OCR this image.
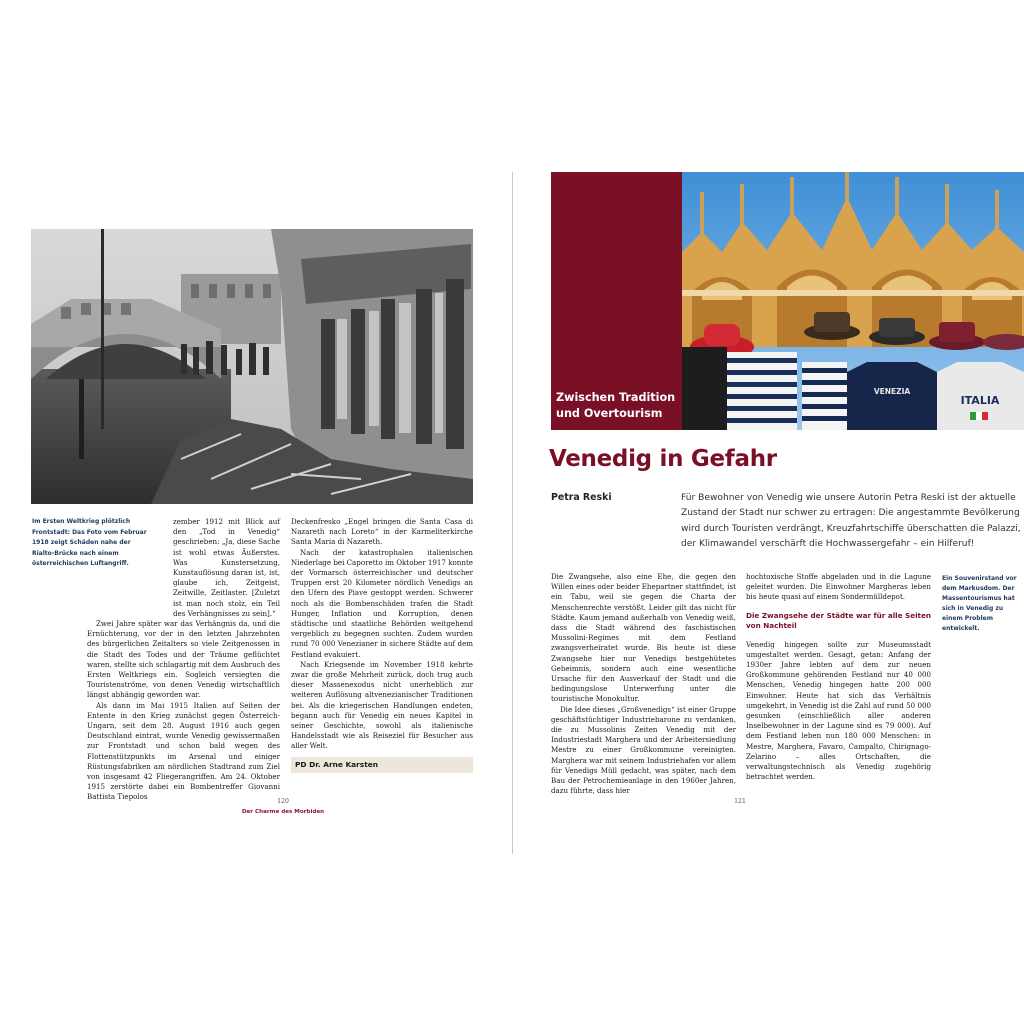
Im Ersten Weltkrieg plötzlich Frontstadt: Das Foto vom Februar 1918 zeigt Schäden nahe der Rialto-Brücke nach einem österreichischen Luftangriff.

zember 1912 mit Blick auf den „Tod in Venedig“ geschrieben: „Ja, diese Sache ist wohl etwas Äußerstes. Was Kunstersetzung, Kunstauflösung daran ist, ist, glaube ich, Zeitgeist, Zeitwille, Zeitlaster. [Zuletzt ist man noch stolz, ein Teil des Verhängnisses zu sein].“

Zwei Jahre später war das Verhängnis da, und die Ernüchterung, vor der in den letzten Jahrzehnten des bürgerlichen Zeitalters so viele Zeitgenossen in die Stadt des Todes und der Träume geflüchtet waren, stellte sich schlagartig mit dem Ausbruch des Ersten Weltkriegs ein. Sogleich versiegten die Touristenströme, von denen Venedig wirtschaftlich längst abhängig geworden war.

Als dann im Mai 1915 Italien auf Seiten der Entente in den Krieg zunächst gegen Österreich-Ungarn, seit dem 28. August 1916 auch gegen Deutschland eintrat, wurde Venedig gewissermaßen zur Frontstadt und schon bald wegen des Flottenstützpunkts im Arsenal und einiger Rüstungsfabriken am nördlichen Stadtrand zum Ziel von insgesamt 42 Fliegerangriffen. Am 24. Oktober 1915 zerstörte dabei ein Bombentreffer Giovanni Battista Tiepolos

Deckenfresko „Engel bringen die Santa Casa di Nazareth nach Loreto“ in der Karmeliterkirche Santa Maria di Nazareth.

Nach der katastrophalen italienischen Niederlage bei Caporetto im Oktober 1917 konnte der Vormarsch österreichischer und deutscher Truppen erst 20 Kilometer nördlich Venedigs an den Ufern des Piave gestoppt werden. Schwerer noch als die Bombenschäden trafen die Stadt Hunger, Inflation und Korruption, denen städtische und staatliche Behörden weitgehend vergeblich zu begegnen suchten. Zudem wurden rund 70 000 Venezianer in sichere Städte auf dem Festland evakuiert.

Nach Kriegsende im November 1918 kehrte zwar die große Mehrheit zurück, doch trug auch dieser Massenexodus nicht unerheblich zur weiteren Auflösung altvenezianischer Traditionen bei. Als die kriegerischen Handlungen endeten, begann auch für Venedig ein neues Kapitel in seiner Geschichte, sowohl als italienische Handelsstadt wie als Reiseziel für Besucher aus aller Welt.

PD Dr. Arne Karsten
120
Der Charme des Morbiden
Zwischen Tradition und Overtourism
VENEZIA
ITALIA
Venedig in Gefahr
Petra Reski	Für Bewohner von Venedig wie unsere Autorin Petra Reski ist der aktuelle Zustand der Stadt nur schwer zu ertragen: Die angestammte Bevölkerung wird durch Touristen verdrängt, Kreuzfahrtschiffe überschatten die Palazzi, der Klimawandel verschärft die Hochwassergefahr – ein Hilferuf!

Die Zwangsehe, also eine Ehe, die gegen den Willen eines oder beider Ehepartner stattfindet, ist ein Tabu, weil sie gegen die Charta der Menschenrechte verstößt. Leider gilt das nicht für Städte. Kaum jemand außerhalb von Venedig weiß, dass die Stadt während des faschistischen Mussolini-Regimes mit dem Festland zwangsverheiratet wurde. Bis heute ist diese Zwangsehe hier nur Venedigs bestgehütetes Geheimnis, sondern auch eine wesentliche Ursache für den Ausverkauf der Stadt und die bedingungslose Unterwerfung unter die touristische Monokultur.

Die Idee dieses „Großvenedigs“ ist einer Gruppe geschäftstüchtiger Industriebarone zu verdanken, die zu Mussolinis Zeiten Venedig mit der Industriestadt Marghera und der Arbeitersiedlung Mestre zu einer Großkommune vereinigten. Marghera war mit seinem Industriehafen vor allem für Venedigs Müll gedacht, was später, nach dem Bau der Petrochemieanlage in den 1960er Jahren, dazu führte, dass hier

hochtoxische Stoffe abgeladen und in die Lagune geleitet wurden. Die Einwohner Margheras leben bis heute quasi auf einem Sondermülldepot.

Die Zwangsehe der Städte war für alle Seiten von Nachteil

Venedig hingegen sollte zur Museumsstadt umgestaltet werden. Gesagt, getan: Anfang der 1930er Jahre lebten auf dem zur neuen Großkommune gehörenden Festland nur 40 000 Menschen, Venedig hingegen hatte 200 000 Einwohner. Heute hat sich das Verhältnis umgekehrt, in Venedig ist die Zahl auf rund 50 000 gesunken (einschließlich aller anderen Inselbewohner in der Lagune sind es 79 000). Auf dem Festland leben nun 180 000 Menschen: in Mestre, Marghera, Favaro, Campalto, Chirignago-Zelarino – alles Ortschaften, die verwaltungstechnisch als Venedig zugehörig betrachtet werden.

Ein Souvenirstand vor dem Markusdom. Der Massentourismus hat sich in Venedig zu einem Problem entwickelt.
121
